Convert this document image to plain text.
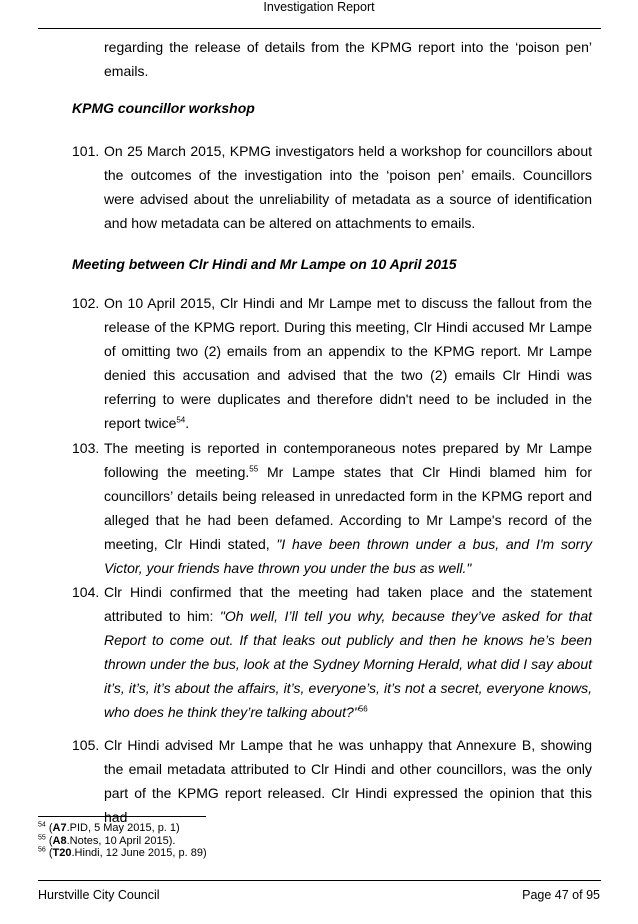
Investigation Report
regarding the release of details from the KPMG report into the ‘poison pen’ emails.
KPMG councillor workshop
101. On 25 March 2015, KPMG investigators held a workshop for councillors about the outcomes of the investigation into the ‘poison pen’ emails. Councillors were advised about the unreliability of metadata as a source of identification and how metadata can be altered on attachments to emails.
Meeting between Clr Hindi and Mr Lampe on 10 April 2015
102. On 10 April 2015, Clr Hindi and Mr Lampe met to discuss the fallout from the release of the KPMG report. During this meeting, Clr Hindi accused Mr Lampe of omitting two (2) emails from an appendix to the KPMG report. Mr Lampe denied this accusation and advised that the two (2) emails Clr Hindi was referring to were duplicates and therefore didn't need to be included in the report twice$^{54}$.
103. The meeting is reported in contemporaneous notes prepared by Mr Lampe following the meeting.$^{55}$ Mr Lampe states that Clr Hindi blamed him for councillors’ details being released in unredacted form in the KPMG report and alleged that he had been defamed. According to Mr Lampe's record of the meeting, Clr Hindi stated, "I have been thrown under a bus, and I'm sorry Victor, your friends have thrown you under the bus as well."
104. Clr Hindi confirmed that the meeting had taken place and the statement attributed to him: "Oh well, I’ll tell you why, because they’ve asked for that Report to come out. If that leaks out publicly and then he knows he’s been thrown under the bus, look at the Sydney Morning Herald, what did I say about it’s, it’s, it’s about the affairs, it’s, everyone’s, it’s not a secret, everyone knows, who does he think they’re talking about?"$^{56}$
105. Clr Hindi advised Mr Lampe that he was unhappy that Annexure B, showing the email metadata attributed to Clr Hindi and other councillors, was the only part of the KPMG report released. Clr Hindi expressed the opinion that this had
$^{54}$ (A7.PID, 5 May 2015, p. 1)
$^{55}$ (A8.Notes, 10 April 2015).
$^{56}$ (T20.Hindi, 12 June 2015, p. 89)
Hurstville City Council	Page 47 of 95
